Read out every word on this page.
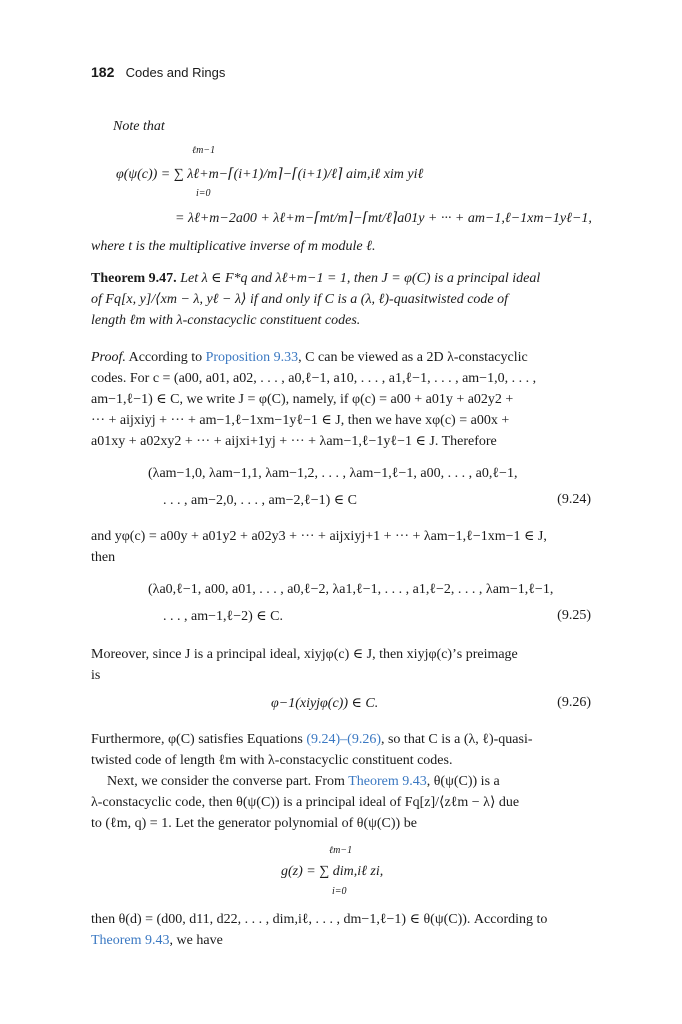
182 Codes and Rings
Note that
ℓm−1
i=0
φ(ψ(c)) = ∑ λℓ+m−⌈(i+1)/m⌉−⌈(i+1)/ℓ⌉ aim,iℓ xim yiℓ
= λℓ+m−2a00 + λℓ+m−⌈mt/m⌉−⌈mt/ℓ⌉a01y + ··· + am−1,ℓ−1xm−1yℓ−1,
where t is the multiplicative inverse of m module ℓ.
Theorem 9.47. Let λ ∈ F*q and λℓ+m−1 = 1, then J = φ(C) is a principal ideal
of Fq[x, y]/⟨xm − λ, yℓ − λ⟩ if and only if C is a (λ, ℓ)-quasitwisted code of
length ℓm with λ-constacyclic constituent codes.
Proof. According to Proposition 9.33, C can be viewed as a 2D λ-constacyclic
codes. For c = (a00, a01, a02, . . . , a0,ℓ−1, a10, . . . , a1,ℓ−1, . . . , am−1,0, . . . ,
am−1,ℓ−1) ∈ C, we write J = φ(C), namely, if φ(c) = a00 + a01y + a02y2 +
··· + aijxiyj + ··· + am−1,ℓ−1xm−1yℓ−1 ∈ J, then we have xφ(c) = a00x +
a01xy + a02xy2 + ··· + aijxi+1yj + ··· + λam−1,ℓ−1yℓ−1 ∈ J. Therefore
(λam−1,0, λam−1,1, λam−1,2, . . . , λam−1,ℓ−1, a00, . . . , a0,ℓ−1,
. . . , am−2,0, . . . , am−2,ℓ−1) ∈ C	(9.24)
and yφ(c) = a00y + a01y2 + a02y3 + ··· + aijxiyj+1 + ··· + λam−1,ℓ−1xm−1 ∈ J,
then
(λa0,ℓ−1, a00, a01, . . . , a0,ℓ−2, λa1,ℓ−1, . . . , a1,ℓ−2, . . . , λam−1,ℓ−1,
. . . , am−1,ℓ−2) ∈ C.	(9.25)
Moreover, since J is a principal ideal, xiyjφ(c) ∈ J, then xiyjφ(c)’s preimage
is
φ−1(xiyjφ(c)) ∈ C.	(9.26)
Furthermore, φ(C) satisfies Equations (9.24)–(9.26), so that C is a (λ, ℓ)-quasi-
twisted code of length ℓm with λ-constacyclic constituent codes.
Next, we consider the converse part. From Theorem 9.43, θ(ψ(C)) is a
λ-constacyclic code, then θ(ψ(C)) is a principal ideal of Fq[z]/⟨zℓm − λ⟩ due
to (ℓm, q) = 1. Let the generator polynomial of θ(ψ(C)) be
ℓm−1
i=0
g(z) = ∑ dim,iℓ zi,
then θ(d) = (d00, d11, d22, . . . , dim,iℓ, . . . , dm−1,ℓ−1) ∈ θ(ψ(C)). According to
Theorem 9.43, we have
